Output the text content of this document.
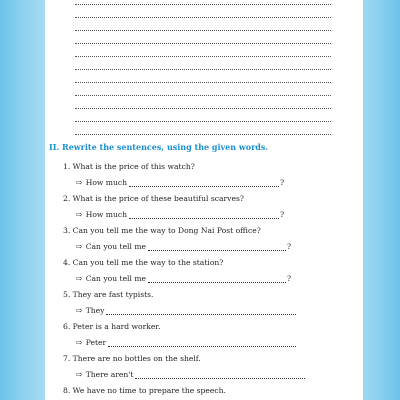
II. Rewrite the sentences, using the given words.
1. What is the price of this watch?
⇨ How much	?
2. What is the price of these beautiful scarves?
⇨ How much	?
3. Can you tell me the way to Dong Nai Post office?
⇨ Can you tell me	?
4. Can you tell me the way to the station?
⇨ Can you tell me	?
5. They are fast typists.
⇨ They
6. Peter is a hard worker.
⇨ Peter
7. There are no bottles on the shelf.
⇨ There aren't
8. We have no time to prepare the speech.
